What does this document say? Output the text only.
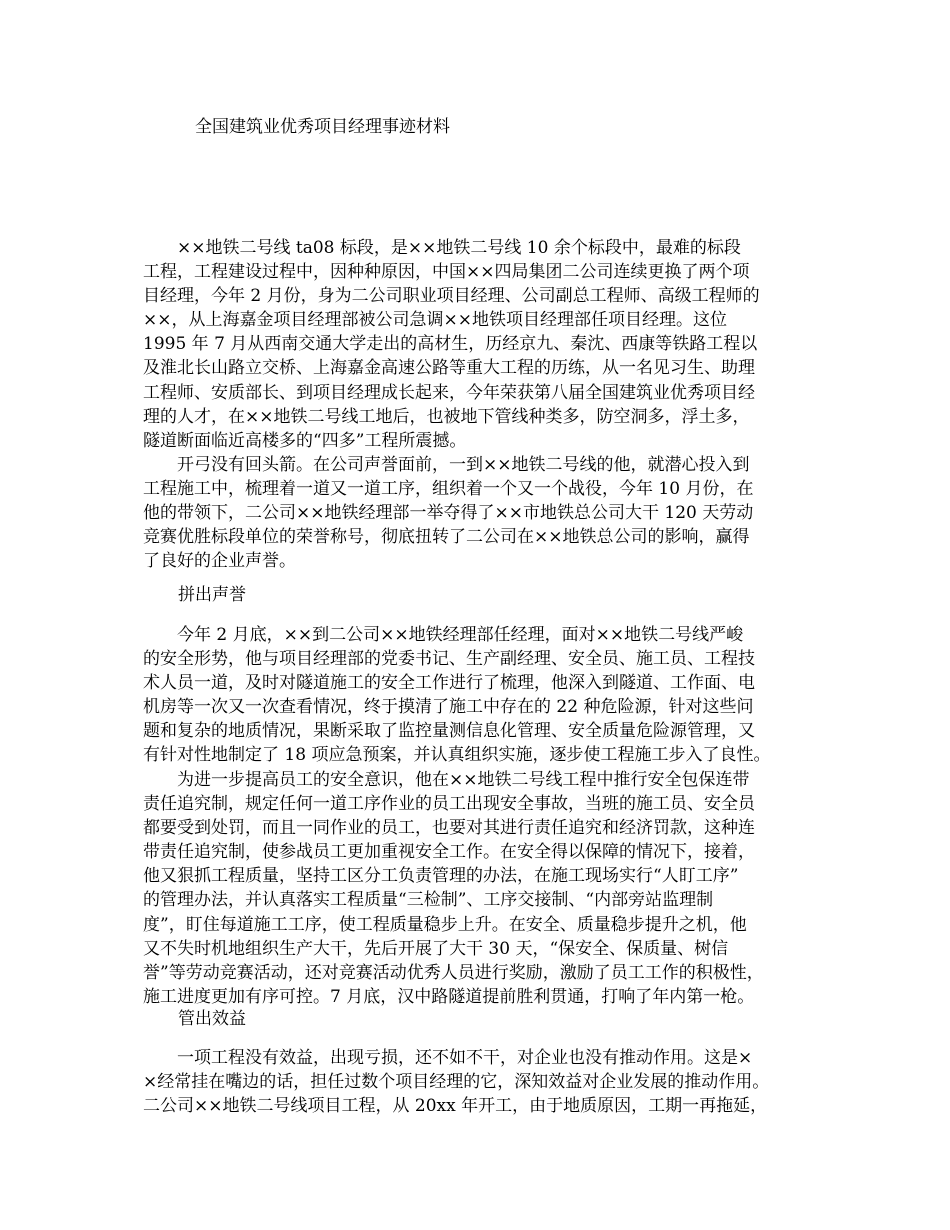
全国建筑业优秀项目经理事迹材料
　　××地铁二号线 ta08 标段，是××地铁二号线 10 余个标段中，最难的标段
工程，工程建设过程中，因种种原因，中国××四局集团二公司连续更换了两个项
目经理，今年 2 月份，身为二公司职业项目经理、公司副总工程师、高级工程师的
××，从上海嘉金项目经理部被公司急调××地铁项目经理部任项目经理。这位
1995 年 7 月从西南交通大学走出的高材生，历经京九、秦沈、西康等铁路工程以
及淮北长山路立交桥、上海嘉金高速公路等重大工程的历练，从一名见习生、助理
工程师、安质部长、到项目经理成长起来，今年荣获第八届全国建筑业优秀项目经
理的人才，在××地铁二号线工地后，也被地下管线种类多，防空洞多，浮土多，
隧道断面临近高楼多的“四多”工程所震撼。
　　开弓没有回头箭。在公司声誉面前，一到××地铁二号线的他，就潜心投入到
工程施工中，梳理着一道又一道工序，组织着一个又一个战役，今年 10 月份，在
他的带领下，二公司××地铁经理部一举夺得了××市地铁总公司大干 120 天劳动
竞赛优胜标段单位的荣誉称号，彻底扭转了二公司在××地铁总公司的影响，赢得
了良好的企业声誉。
拼出声誉
　　今年 2 月底，××到二公司××地铁经理部任经理，面对××地铁二号线严峻
的安全形势，他与项目经理部的党委书记、生产副经理、安全员、施工员、工程技
术人员一道，及时对隧道施工的安全工作进行了梳理，他深入到隧道、工作面、电
机房等一次又一次查看情况，终于摸清了施工中存在的 22 种危险源，针对这些问
题和复杂的地质情况，果断采取了监控量测信息化管理、安全质量危险源管理，又
有针对性地制定了 18 项应急预案，并认真组织实施，逐步使工程施工步入了良性。
　　为进一步提高员工的安全意识，他在××地铁二号线工程中推行安全包保连带
责任追究制，规定任何一道工序作业的员工出现安全事故，当班的施工员、安全员
都要受到处罚，而且一同作业的员工，也要对其进行责任追究和经济罚款，这种连
带责任追究制，使参战员工更加重视安全工作。在安全得以保障的情况下，接着，
他又狠抓工程质量，坚持工区分工负责管理的办法，在施工现场实行“人盯工序”
的管理办法，并认真落实工程质量“三检制”、工序交接制、“内部旁站监理制
度”，盯住每道施工工序，使工程质量稳步上升。在安全、质量稳步提升之机，他
又不失时机地组织生产大干，先后开展了大干 30 天，“保安全、保质量、树信
誉”等劳动竞赛活动，还对竞赛活动优秀人员进行奖励，激励了员工工作的积极性，
施工进度更加有序可控。7 月底，汉中路隧道提前胜利贯通，打响了年内第一枪。
管出效益
　　一项工程没有效益，出现亏损，还不如不干，对企业也没有推动作用。这是×
×经常挂在嘴边的话，担任过数个项目经理的它，深知效益对企业发展的推动作用。
二公司××地铁二号线项目工程，从 20xx 年开工，由于地质原因，工期一再拖延，
